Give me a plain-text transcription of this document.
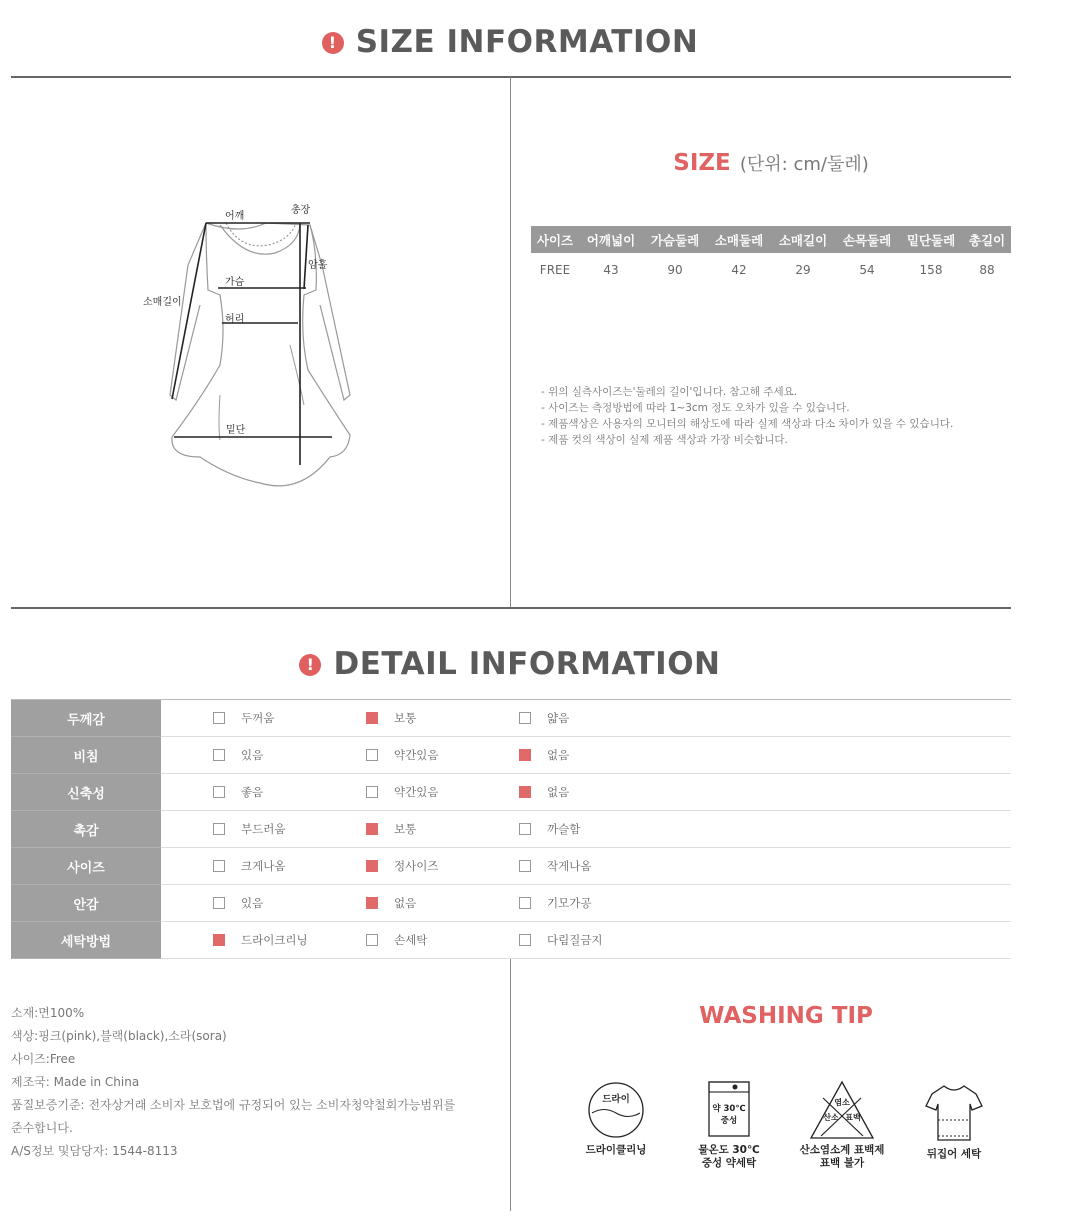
! SIZE INFORMATION
어깨
총장
암홀
가슴
소매길이
허리
밑단
SIZE (단위: cm/둘레)
사이즈	어깨넓이	가슴둘레	소매둘레	소매길이	손목둘레	밑단둘레	총길이
FREE	43	90	42	29	54	158	88
- 위의 실측사이즈는'둘레의 길이'입니다. 참고해 주세요.
- 사이즈는 측정방법에 따라 1~3cm 정도 오차가 있을 수 있습니다.
- 제품색상은 사용자의 모니터의 해상도에 따라 실제 색상과 다소 차이가 있을 수 있습니다.
- 제품 컷의 색상이 실제 제품 색상과 가장 비슷합니다.
! DETAIL INFORMATION
두께감	두꺼움 보통 얇음

비침	있음 약간있음 없음

신축성	좋음 약간있음 없음

촉감	부드러움 보통 까슬함

사이즈	크게나옴 정사이즈 작게나옴

안감	있음 없음 기모가공

세탁방법	드라이크리닝 손세탁 다림질금지
소재:면100%
색상:핑크(pink),블랙(black),소라(sora)
사이즈:Free
제조국: Made in China
품질보증기준: 전자상거래 소비자 보호법에 규정되어 있는 소비자청약철회가능범위를
준수합니다.
A/S정보 및담당자: 1544-8113
WASHING TIP
드라이
드라이클리닝
약 30℃
중성
물온도 30℃
중성 약세탁
염소
산소 표백
산소염소계 표백제
표백 불가
뒤집어 세탁
